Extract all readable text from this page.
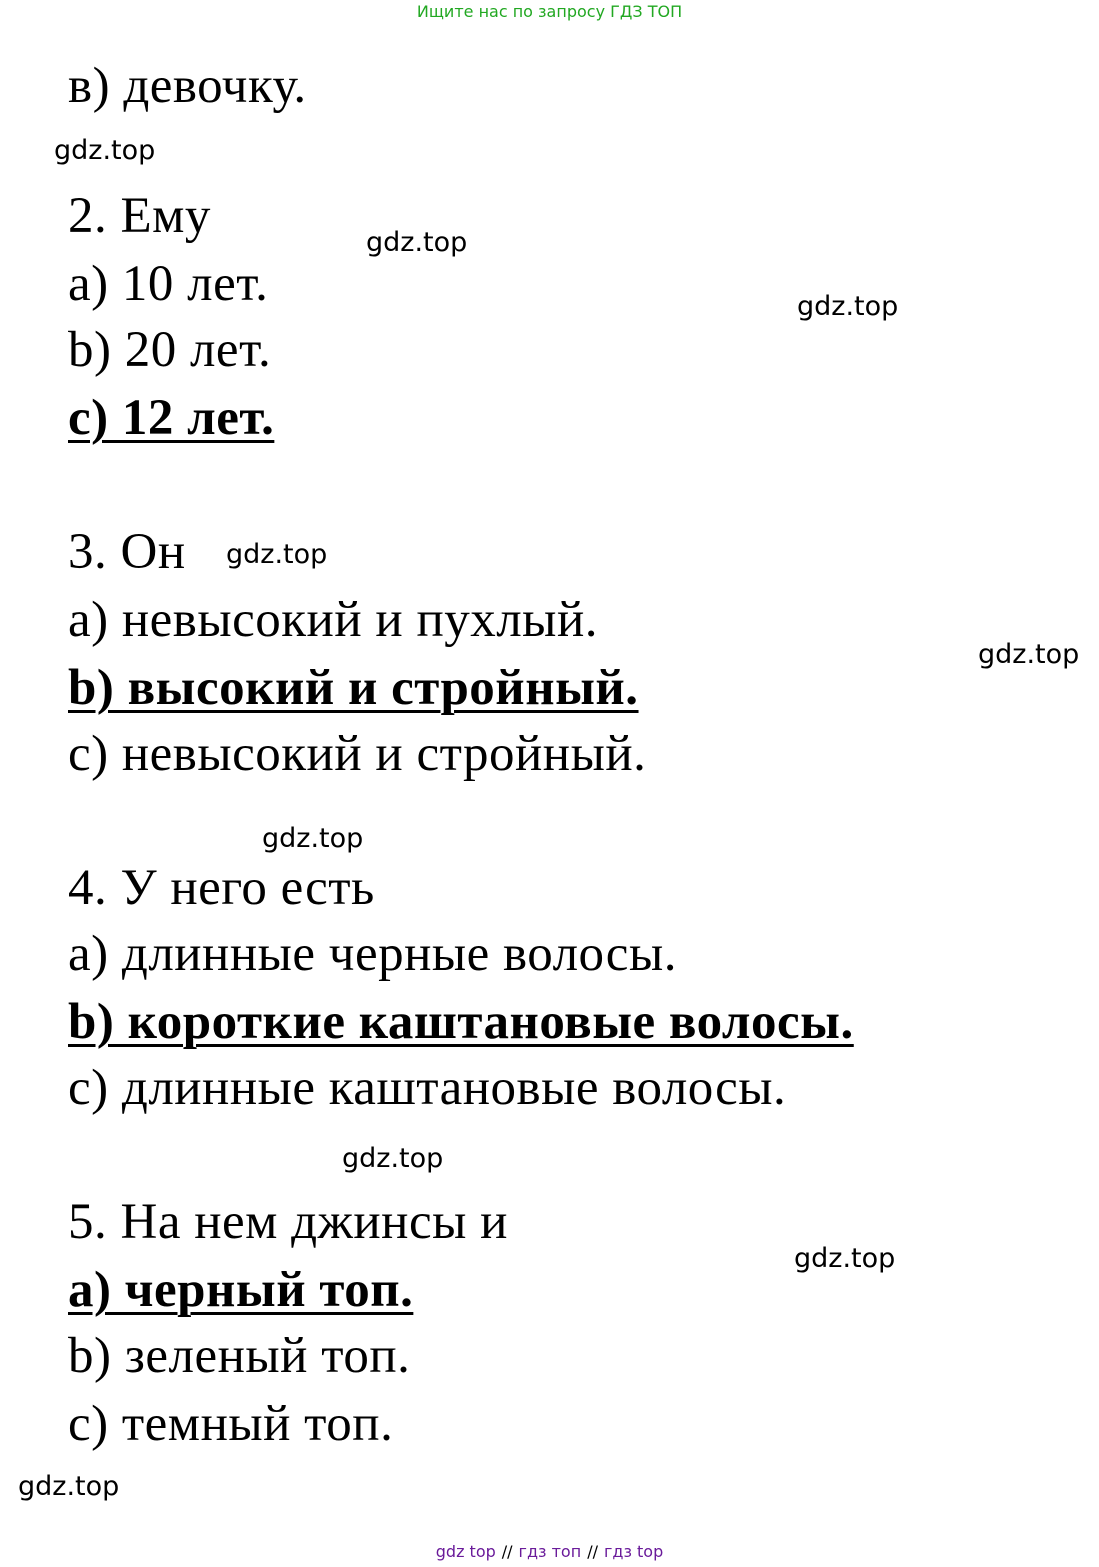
Ищите нас по запросу ГДЗ ТОП
в) девочку.
2. Ему
a) 10 лет.
b) 20 лет.
c) 12 лет.
3. Он
a) невысокий и пухлый.
b) высокий и стройный.
c) невысокий и стройный.
4. У него есть
a) длинные черные волосы.
b) короткие каштановые волосы.
c) длинные каштановые волосы.
5. На нем джинсы и
a) черный топ.
b) зеленый топ.
c) темный топ.
gdz.top
gdz.top
gdz.top
gdz.top
gdz.top
gdz.top
gdz.top
gdz.top
gdz.top
gdz top // гдз топ // гдз top
